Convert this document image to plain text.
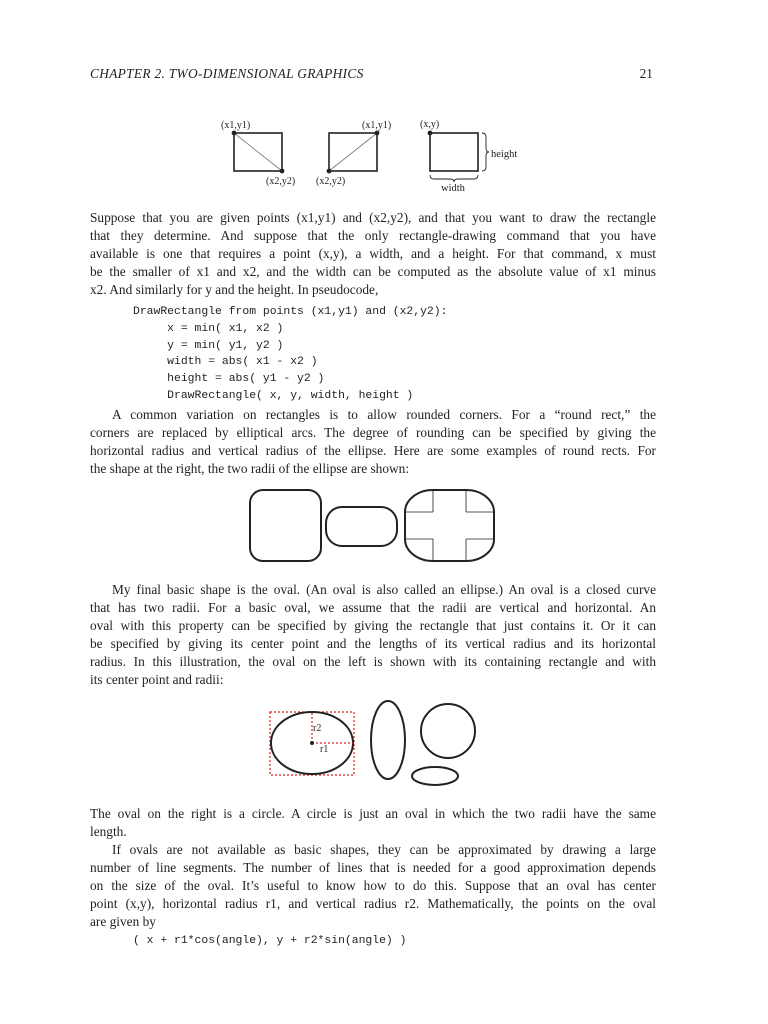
CHAPTER 2. TWO-DIMENSIONAL GRAPHICS	21
(x1,y1)
(x2,y2)
(x1,y1)
(x2,y2)
(x,y)
height
width
Suppose that you are given points (x1,y1) and (x2,y2), and that you want to draw the rectangle
that they determine. And suppose that the only rectangle-drawing command that you have
available is one that requires a point (x,y), a width, and a height. For that command, x must
be the smaller of x1 and x2, and the width can be computed as the absolute value of x1 minus
x2. And similarly for y and the height. In pseudocode,
DrawRectangle from points (x1,y1) and (x2,y2):
x = min( x1, x2 )
y = min( y1, y2 )
width = abs( x1 - x2 )
height = abs( y1 - y2 )
DrawRectangle( x, y, width, height )
A common variation on rectangles is to allow rounded corners. For a “round rect,” the
corners are replaced by elliptical arcs. The degree of rounding can be specified by giving the
horizontal radius and vertical radius of the ellipse. Here are some examples of round rects. For
the shape at the right, the two radii of the ellipse are shown:
My final basic shape is the oval. (An oval is also called an ellipse.) An oval is a closed curve
that has two radii. For a basic oval, we assume that the radii are vertical and horizontal. An
oval with this property can be specified by giving the rectangle that just contains it. Or it can
be specified by giving its center point and the lengths of its vertical radius and its horizontal
radius. In this illustration, the oval on the left is shown with its containing rectangle and with
its center point and radii:
r2
r1
The oval on the right is a circle. A circle is just an oval in which the two radii have the same
length.
If ovals are not available as basic shapes, they can be approximated by drawing a large
number of line segments. The number of lines that is needed for a good approximation depends
on the size of the oval. It’s useful to know how to do this. Suppose that an oval has center
point (x,y), horizontal radius r1, and vertical radius r2. Mathematically, the points on the oval
are given by
( x + r1*cos(angle), y + r2*sin(angle) )
